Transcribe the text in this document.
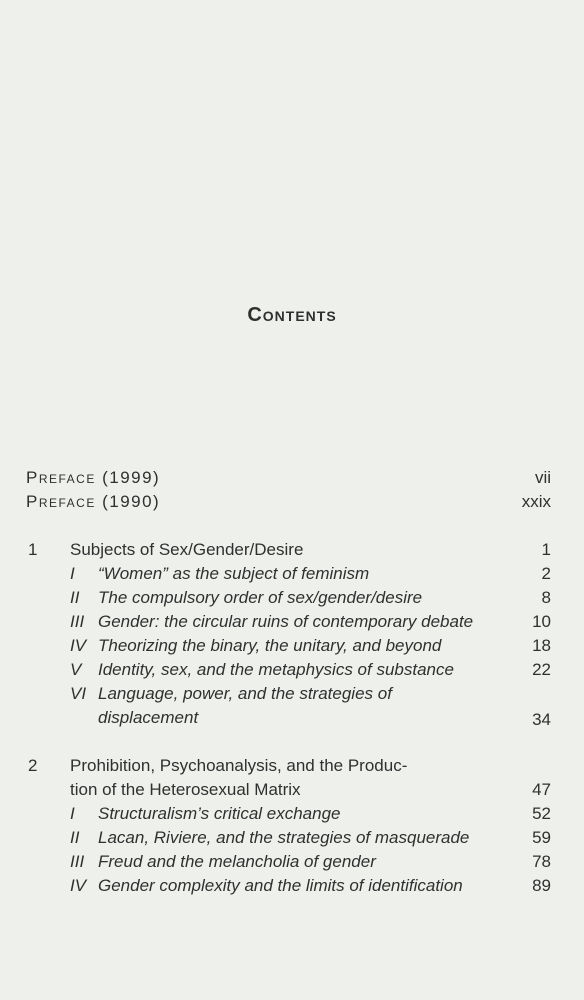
Contents
Preface (1999)	vii
Preface (1990)	xxix
1 Subjects of Sex/Gender/Desire	1
I “Women” as the subject of feminism	2
II The compulsory order of sex/gender/desire	8
III Gender: the circular ruins of contemporary debate	10
IV Theorizing the binary, the unitary, and beyond	18
V Identity, sex, and the metaphysics of substance	22
VI Language, power, and the strategies of
displacement	34
2 Prohibition, Psychoanalysis, and the Produc-
tion of the Heterosexual Matrix	47
I Structuralism’s critical exchange	52
II Lacan, Riviere, and the strategies of masquerade	59
III Freud and the melancholia of gender	78
IV Gender complexity and the limits of identification	89
